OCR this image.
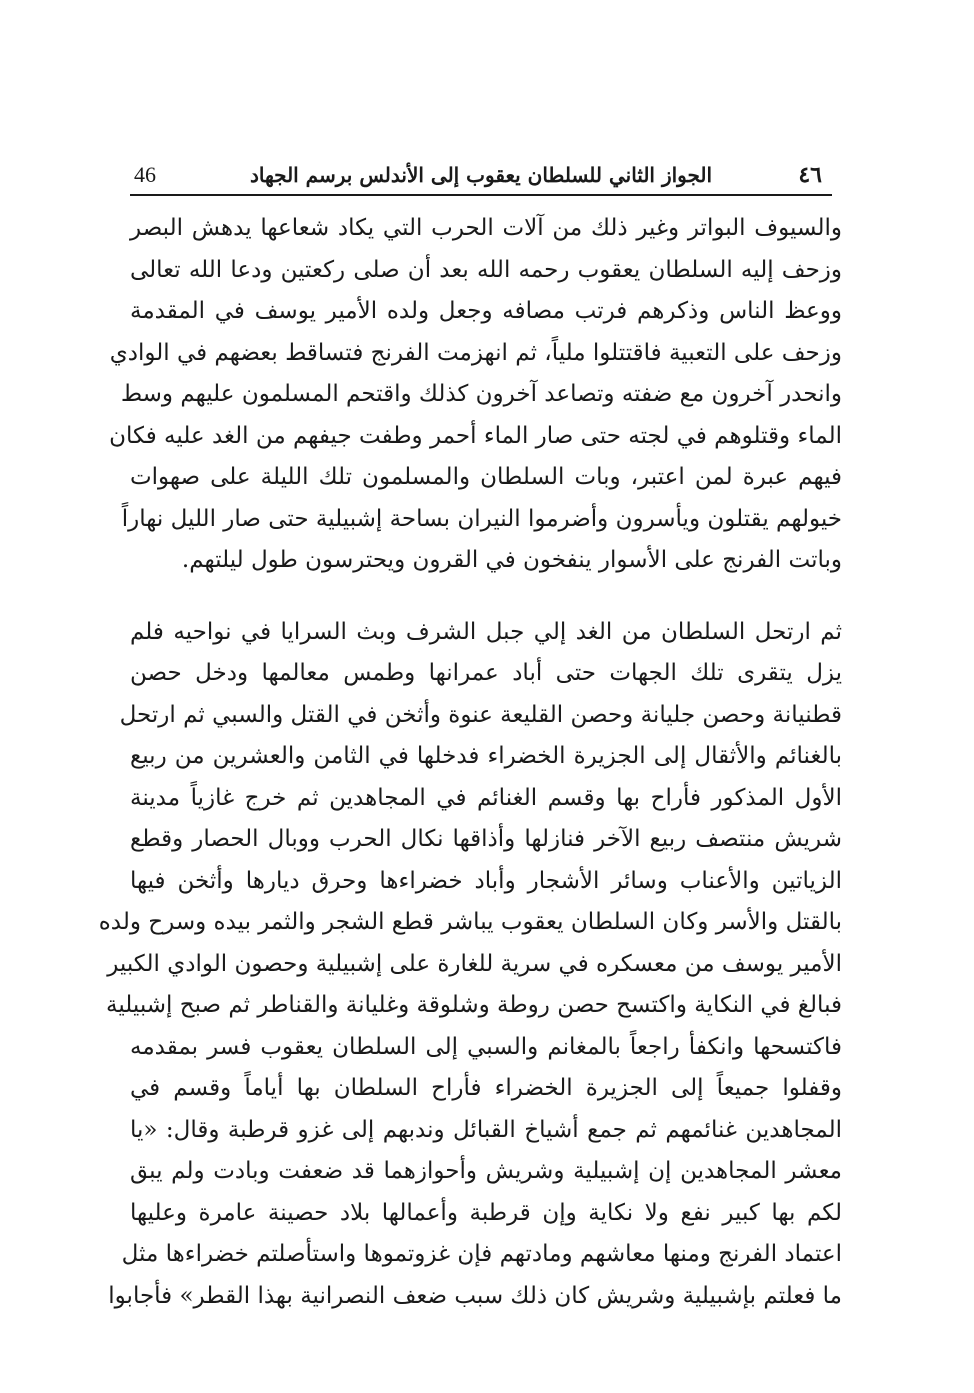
46	الجواز الثاني للسلطان يعقوب إلى الأندلس برسم الجهاد	٤٦
والسيوف البواتر وغير ذلك من آلات الحرب التي يكاد شعاعها يدهش البصر
وزحف إليه السلطان يعقوب رحمه الله بعد أن صلى ركعتين ودعا الله تعالى
ووعظ الناس وذكرهم فرتب مصافه وجعل ولده الأمير يوسف في المقدمة
وزحف على التعبية فاقتتلوا ملياً، ثم انهزمت الفرنج فتساقط بعضهم في الوادي
وانحدر آخرون مع ضفته وتصاعد آخرون كذلك واقتحم المسلمون عليهم وسط
الماء وقتلوهم في لجته حتى صار الماء أحمر وطفت جيفهم من الغد عليه فكان
فيهم عبرة لمن اعتبر، وبات السلطان والمسلمون تلك الليلة على صهوات
خيولهم يقتلون ويأسرون وأضرموا النيران بساحة إشبيلية حتى صار الليل نهاراً
وباتت الفرنج على الأسوار ينفخون في القرون ويحترسون طول ليلتهم.
ثم ارتحل السلطان من الغد إلي جبل الشرف وبث السرايا في نواحيه فلم
يزل يتقرى تلك الجهات حتى أباد عمرانها وطمس معالمها ودخل حصن
قطنيانة وحصن جليانة وحصن القليعة عنوة وأثخن في القتل والسبي ثم ارتحل
بالغنائم والأثقال إلى الجزيرة الخضراء فدخلها في الثامن والعشرين من ربيع
الأول المذكور فأراح بها وقسم الغنائم في المجاهدين ثم خرج غازياً مدينة
شريش منتصف ربيع الآخر فنازلها وأذاقها نكال الحرب ووبال الحصار وقطع
الزياتين والأعناب وسائر الأشجار وأباد خضراءها وحرق ديارها وأثخن فيها
بالقتل والأسر وكان السلطان يعقوب يباشر قطع الشجر والثمر بيده وسرح ولده
الأمير يوسف من معسكره في سرية للغارة على إشبيلية وحصون الوادي الكبير
فبالغ في النكاية واكتسح حصن روطة وشلوقة وغليانة والقناطر ثم صبح إشبيلية
فاكتسحها وانكفأ راجعاً بالمغانم والسبي إلى السلطان يعقوب فسر بمقدمه
وقفلوا جميعاً إلى الجزيرة الخضراء فأراح السلطان بها أياماً وقسم في
المجاهدين غنائمهم ثم جمع أشياخ القبائل وندبهم إلى غزو قرطبة وقال: «يا
معشر المجاهدين إن إشبيلية وشريش وأحوازهما قد ضعفت وبادت ولم يبق
لكم بها كبير نفع ولا نكاية وإن قرطبة وأعمالها بلاد حصينة عامرة وعليها
اعتماد الفرنج ومنها معاشهم ومادتهم فإن غزوتموها واستأصلتم خضراءها مثل
ما فعلتم بإشبيلية وشريش كان ذلك سبب ضعف النصرانية بهذا القطر» فأجابوا
